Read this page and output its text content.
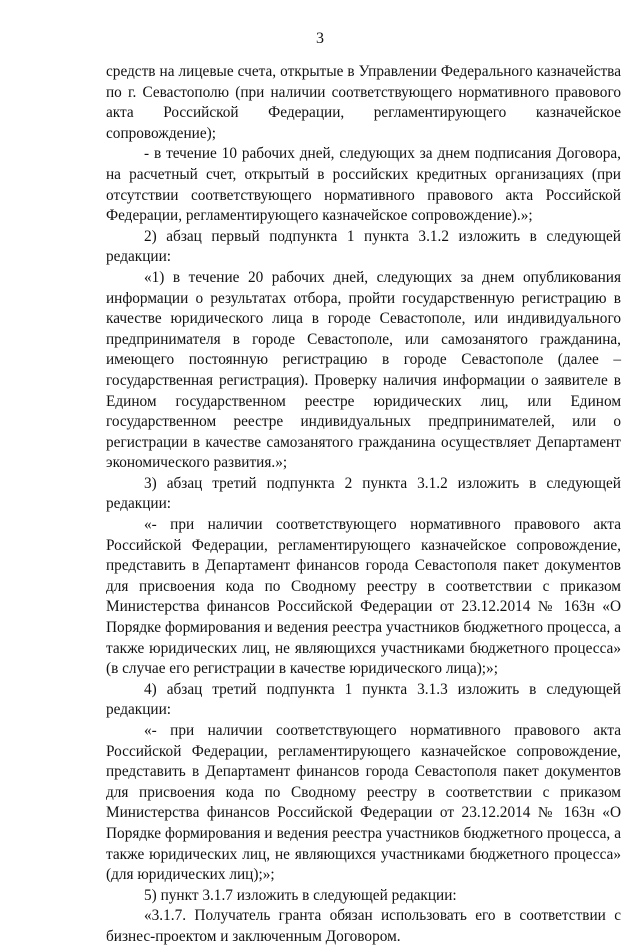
3

средств на лицевые счета, открытые в Управлении Федерального казначейства по г. Севастополю (при наличии соответствующего нормативного правового акта Российской Федерации, регламентирующего казначейское сопровождение);

- в течение 10 рабочих дней, следующих за днем подписания Договора, на расчетный счет, открытый в российских кредитных организациях (при отсутствии соответствующего нормативного правового акта Российской Федерации, регламентирующего казначейское сопровождение).»;

2) абзац первый подпункта 1 пункта 3.1.2 изложить в следующей редакции:

«1) в течение 20 рабочих дней, следующих за днем опубликования информации о результатах отбора, пройти государственную регистрацию в качестве юридического лица в городе Севастополе, или индивидуального предпринимателя в городе Севастополе, или самозанятого гражданина, имеющего постоянную регистрацию в городе Севастополе (далее – государственная регистрация). Проверку наличия информации о заявителе в Едином государственном реестре юридических лиц, или Едином государственном реестре индивидуальных предпринимателей, или о регистрации в качестве самозанятого гражданина осуществляет Департамент экономического развития.»;

3) абзац третий подпункта 2 пункта 3.1.2 изложить в следующей редакции:

«- при наличии соответствующего нормативного правового акта Российской Федерации, регламентирующего казначейское сопровождение, представить в Департамент финансов города Севастополя пакет документов для присвоения кода по Сводному реестру в соответствии с приказом Министерства финансов Российской Федерации от 23.12.2014 № 163н «О Порядке формирования и ведения реестра участников бюджетного процесса, а также юридических лиц, не являющихся участниками бюджетного процесса» (в случае его регистрации в качестве юридического лица);»;

4) абзац третий подпункта 1 пункта 3.1.3 изложить в следующей редакции:

«- при наличии соответствующего нормативного правового акта Российской Федерации, регламентирующего казначейское сопровождение, представить в Департамент финансов города Севастополя пакет документов для присвоения кода по Сводному реестру в соответствии с приказом Министерства финансов Российской Федерации от 23.12.2014 № 163н «О Порядке формирования и ведения реестра участников бюджетного процесса, а также юридических лиц, не являющихся участниками бюджетного процесса» (для юридических лиц);»;

5) пункт 3.1.7 изложить в следующей редакции:

«3.1.7. Получатель гранта обязан использовать его в соответствии с бизнес-проектом и заключенным Договором.
